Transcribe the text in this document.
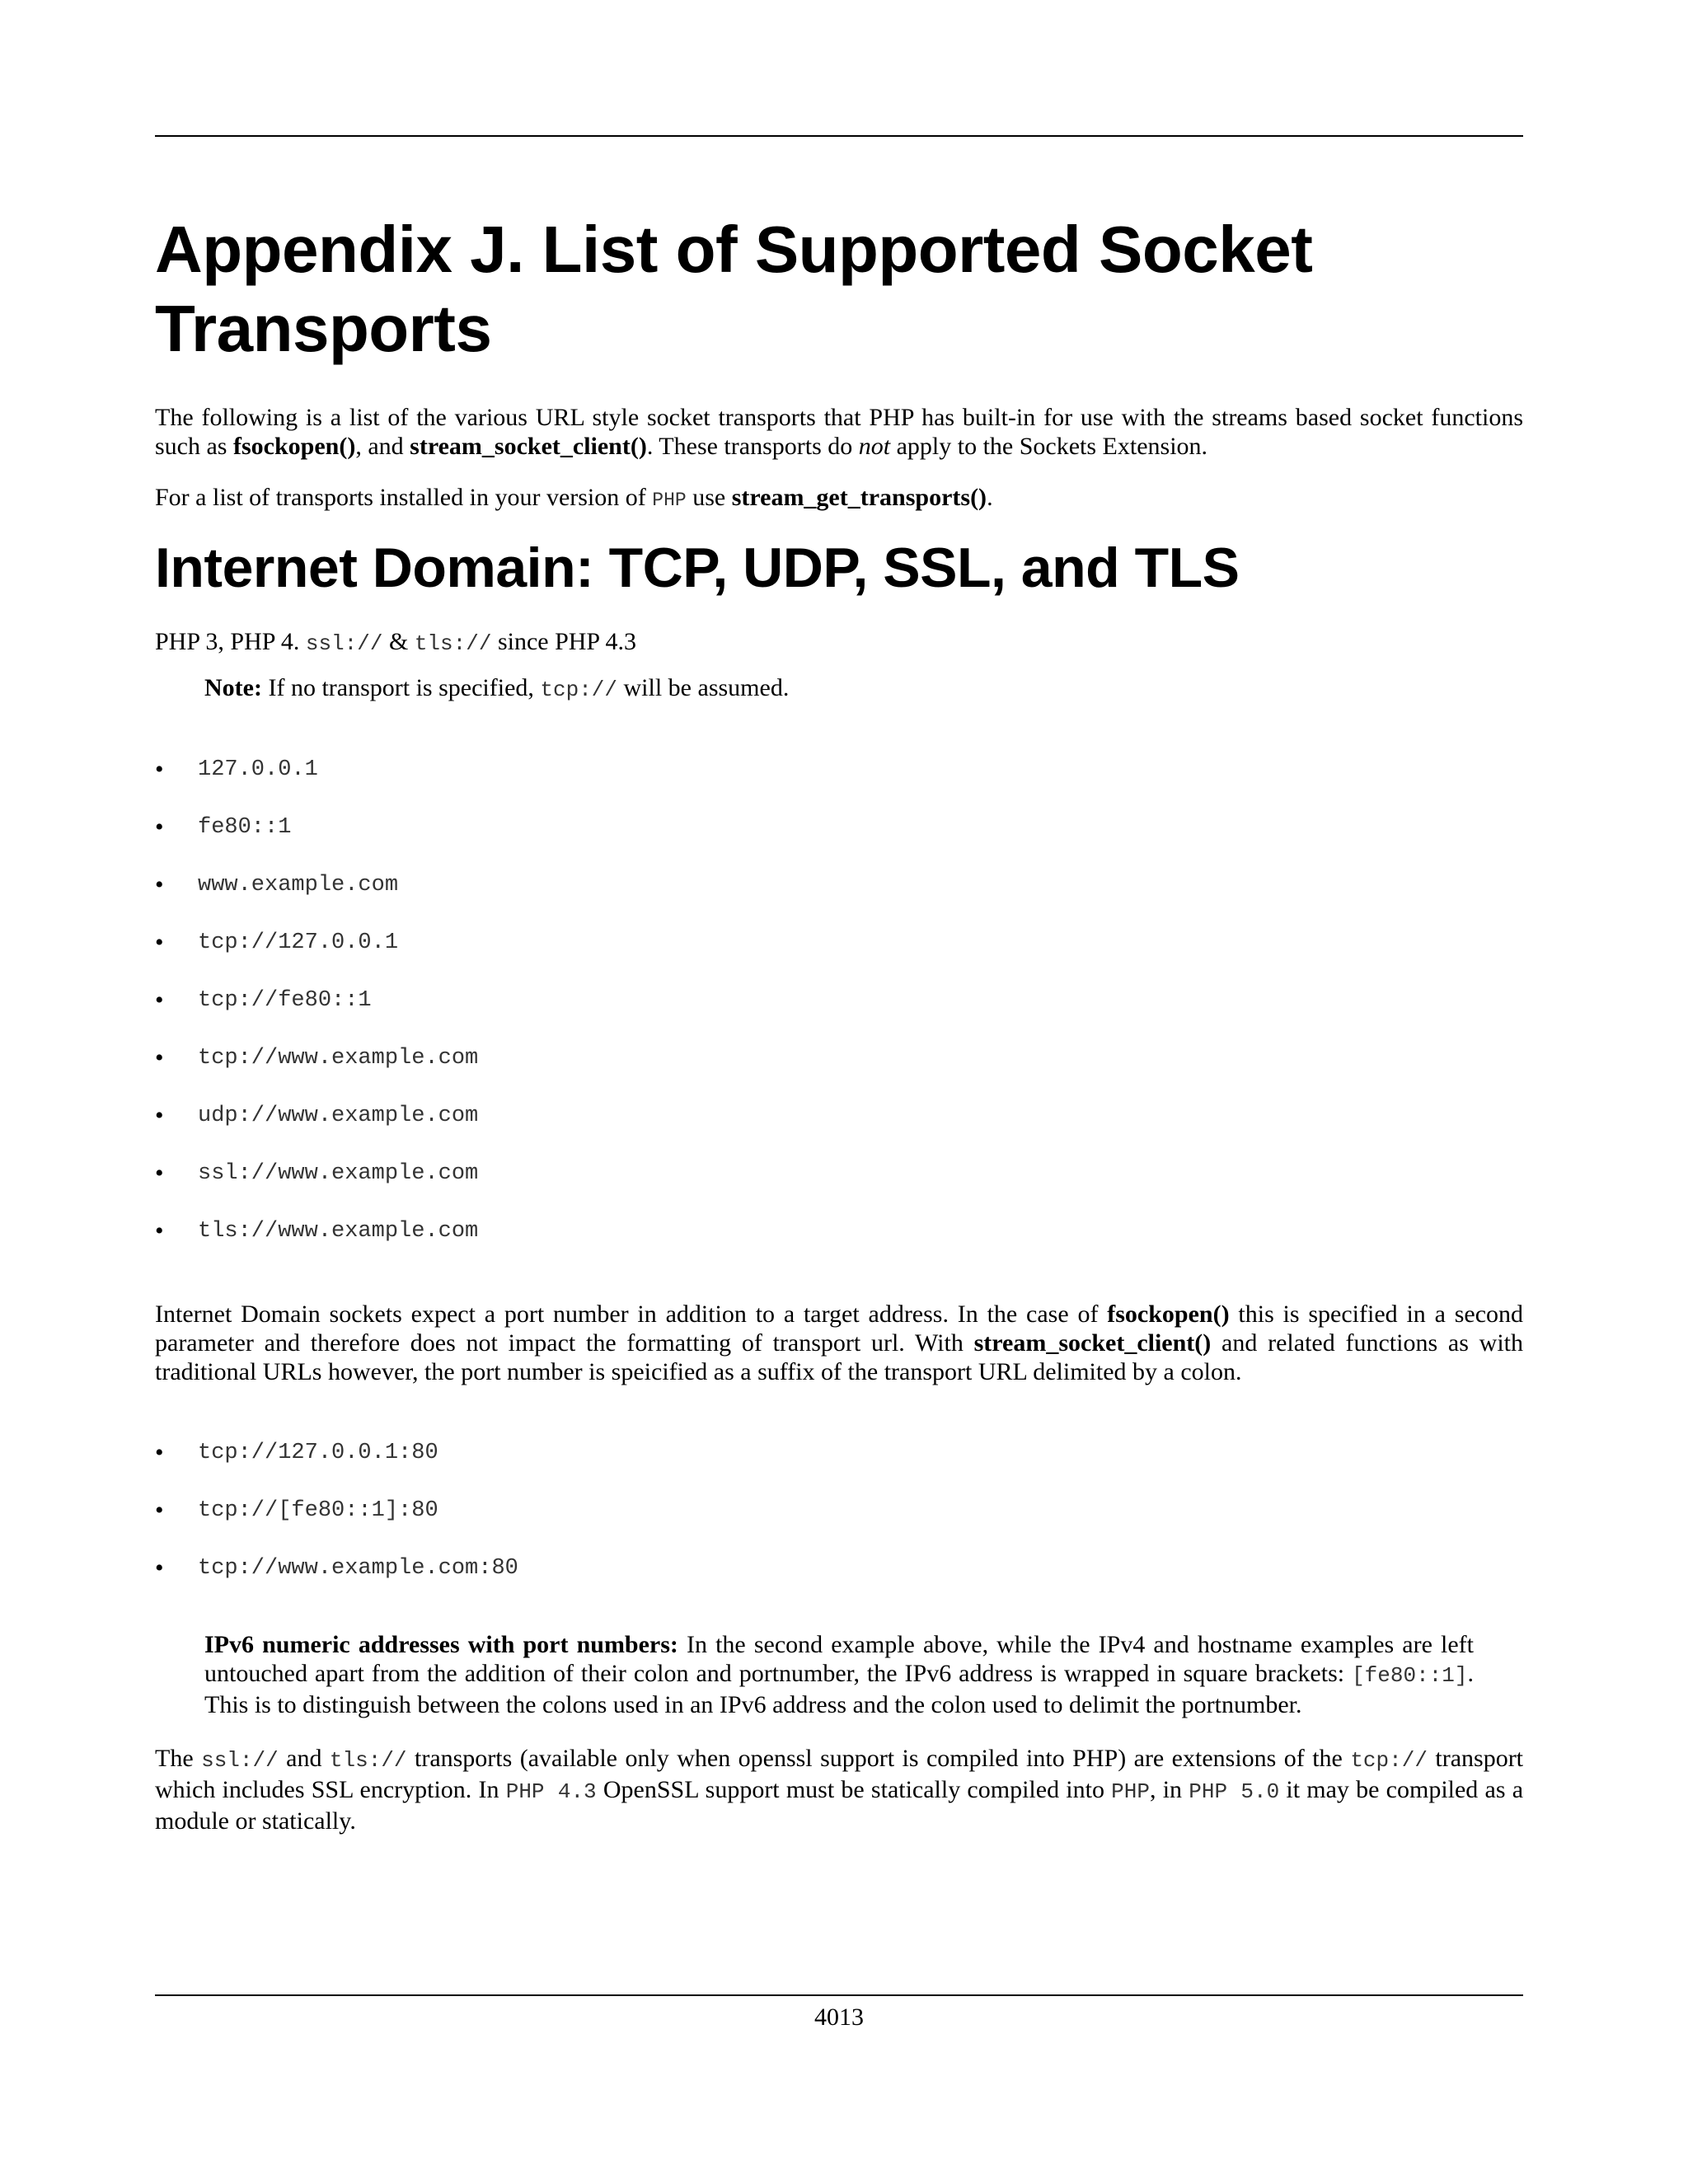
Appendix J. List of Supported Socket Transports

The following is a list of the various URL style socket transports that PHP has built-in for use with the streams based socket functions such as fsockopen(), and stream_socket_client(). These transports do not apply to the Sockets Extension.

For a list of transports installed in your version of PHP use stream_get_transports().

Internet Domain: TCP, UDP, SSL, and TLS

PHP 3, PHP 4. ssl:// & tls:// since PHP 4.3

Note: If no transport is specified, tcp:// will be assumed.
• 127.0.0.1
• fe80::1
• www.example.com
• tcp://127.0.0.1
• tcp://fe80::1
• tcp://www.example.com
• udp://www.example.com
• ssl://www.example.com
• tls://www.example.com

Internet Domain sockets expect a port number in addition to a target address. In the case of fsockopen() this is specified in a second parameter and therefore does not impact the formatting of transport url. With stream_socket_client() and related functions as with traditional URLs however, the port number is speicified as a suffix of the transport URL delimited by a colon.

• tcp://127.0.0.1:80
• tcp://[fe80::1]:80
• tcp://www.example.com:80
IPv6 numeric addresses with port numbers: In the second example above, while the IPv4 and hostname examples are left untouched apart from the addition of their colon and portnumber, the IPv6 address is wrapped in square brackets: [fe80::1]. This is to distinguish between the colons used in an IPv6 address and the colon used to delimit the portnumber.

The ssl:// and tls:// transports (available only when openssl support is compiled into PHP) are extensions of the tcp:// transport which includes SSL encryption. In PHP 4.3 OpenSSL support must be statically compiled into PHP, in PHP 5.0 it may be compiled as a module or statically.

4013
